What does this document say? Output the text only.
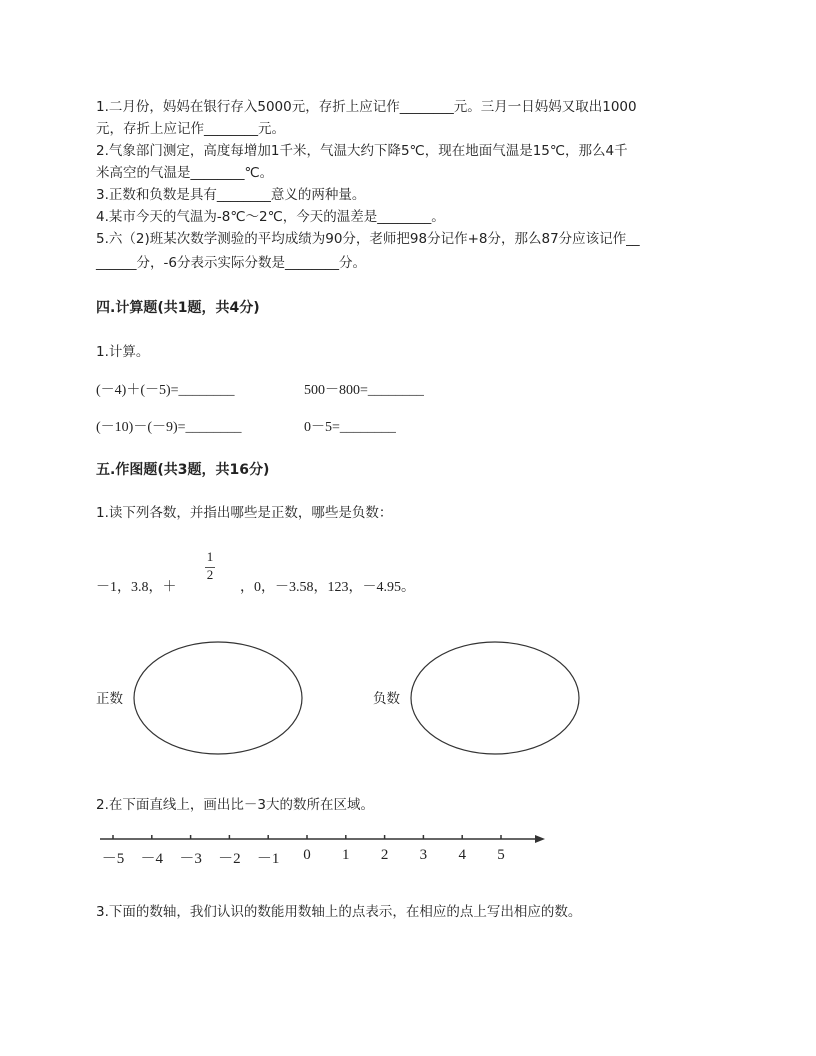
1.二月份，妈妈在银行存入5000元，存折上应记作________元。三月一日妈妈又取出1000
元，存折上应记作________元。
2.气象部门测定，高度每增加1千米，气温大约下降5℃，现在地面气温是15℃，那么4千
米高空的气温是________℃。
3.正数和负数是具有________意义的两种量。
4.某市今天的气温为-8℃～2℃，今天的温差是________。
5.六（2)班某次数学测验的平均成绩为90分，老师把98分记作+8分，那么87分应该记作__
______分，-6分表示实际分数是________分。
四.计算题(共1题，共4分)
1.计算。
(－4)＋(－5)=________	500－800=________
(－10)－(－9)=________	0－5=________
五.作图题(共3题，共16分)
1.读下列各数，并指出哪些是正数，哪些是负数：
－1，3.8，＋
1
2
，0，－3.58，123，－4.95。
正数	负数
2.在下面直线上，画出比－3大的数所在区域。
－5 －4 －3 －2 －1	0	1	2	3	4	5
3.下面的数轴，我们认识的数能用数轴上的点表示，在相应的点上写出相应的数。
